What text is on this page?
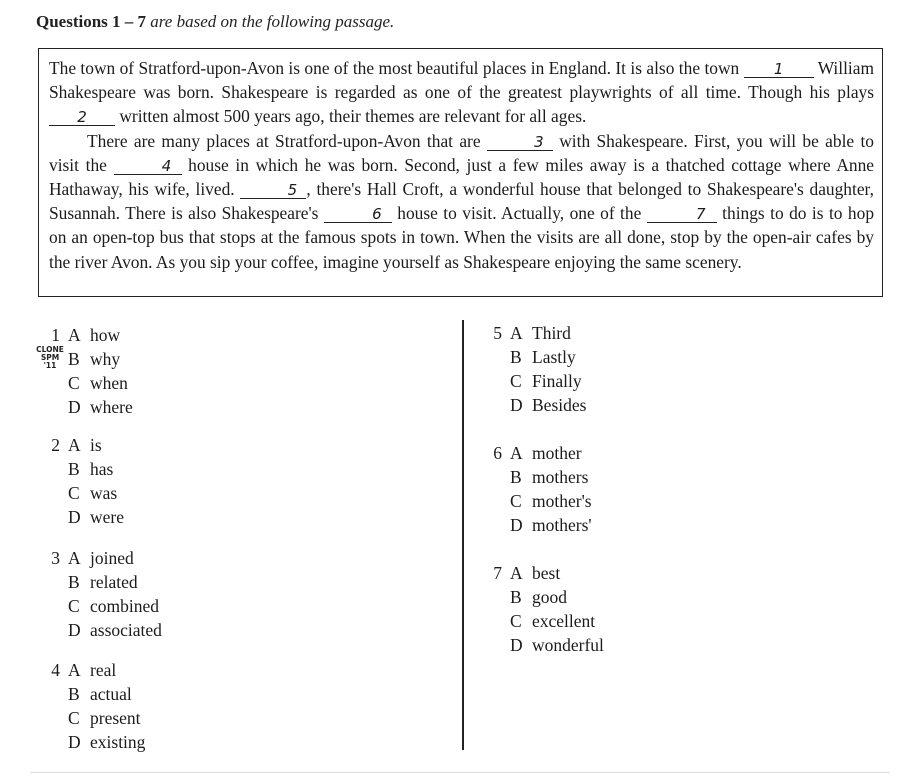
Questions 1 – 7 are based on the following passage.

The town of Stratford-upon-Avon is one of the most beautiful places in England. It is also the town 1 William Shakespeare was born. Shakespeare is regarded as one of the greatest playwrights of all time. Though his plays 2 written almost 500 years ago, their themes are relevant for all ages.

There are many places at Stratford-upon-Avon that are	3 with Shakespeare. First, you will be able to visit the	4 house in which he was born. Second, just a few miles away is a thatched cottage where Anne Hathaway, his wife, lived.	5 , there's Hall Croft, a wonderful house that belonged to Shakespeare's daughter, Susannah. There is also Shakespeare's	6 house to visit. Actually, one of the	7 things to do is to hop on an open-top bus that stops at the famous spots in town. When the visits are all done, stop by the open-air cafes by the river Avon. As you sip your coffee, imagine yourself as Shakespeare enjoying the same scenery.

CLONE
SPM
'11
1 A how
B why
C when
D where
2 A is
B has
C was
D were
3 A joined
B related
C combined
D associated
4 A real
B actual
C present
D existing
5 A Third
B Lastly
C Finally
D Besides
6 A mother
B mothers
C mother's
D mothers'
7 A best
B good
C excellent
D wonderful
